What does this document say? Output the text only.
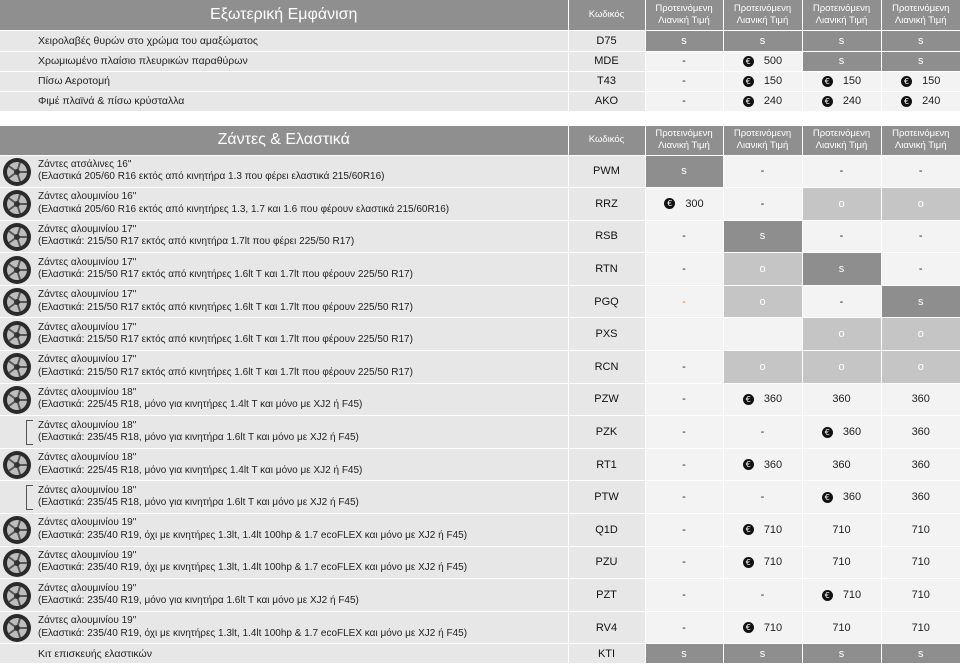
Εξωτερική Εμφάνιση	Κωδικός	Προτεινόμενη
Λιανική Τιμή	Προτεινόμενη
Λιανική Τιμή	Προτεινόμενη
Λιανική Τιμή	Προτεινόμενη
Λιανική Τιμή

Χειρολαβές θυρών στο χρώμα του αμαξώματος	D75	s	s	s	s
Χρωμιωμένο πλαίσιο πλευρικών παραθύρων	MDE	-	€ 500	s	s
Πίσω Αεροτομή	T43	-	€ 150	€ 150	€ 150
Φιμέ πλαϊνά & πίσω κρύσταλλα	AKO	-	€ 240	€ 240	€ 240
Ζάντες & Ελαστικά	Κωδικός	Προτεινόμενη
Λιανική Τιμή	Προτεινόμενη
Λιανική Τιμή	Προτεινόμενη
Λιανική Τιμή	Προτεινόμενη
Λιανική Τιμή

Ζάντες ατσάλινες 16"
(Ελαστικά 205/60 R16 εκτός από κινητήρα 1.3 που φέρει ελαστικά 215/60R16)	PWM	s	-	-	-

Ζάντες αλουμινίου 16"
(Ελαστικά 205/60 R16 εκτός από κινητήρες 1.3, 1.7 και 1.6 που φέρουν ελαστικά 215/60R16)	RRZ	€ 300	-	o	o

Ζάντες αλουμινίου 17"
(Ελαστικά: 215/50 R17 εκτός από κινητήρα 1.7lt που φέρει 225/50 R17)	RSB	-	s	-	-

Ζάντες αλουμινίου 17"
(Ελαστικά: 215/50 R17 εκτός από κινητήρες 1.6lt T και 1.7lt που φέρουν 225/50 R17)	RTN	-	o	s	-

Ζάντες αλουμινίου 17"
(Ελαστικά: 215/50 R17 εκτός από κινητήρες 1.6lt T και 1.7lt που φέρουν 225/50 R17)	PGQ	-	o	-	s

Ζάντες αλουμινίου 17"
(Ελαστικά: 215/50 R17 εκτός από κινητήρες 1.6lt T και 1.7lt που φέρουν 225/50 R17)	PXS			o	o

Ζάντες αλουμινίου 17"
(Ελαστικά: 215/50 R17 εκτός από κινητήρες 1.6lt T και 1.7lt που φέρουν 225/50 R17)	RCN	-	o	o	o

Ζάντες αλουμινίου 18"
(Ελαστικά: 225/45 R18, μόνο για κινητήρες 1.4lt T και μόνο με XJ2 ή F45)	PZW	-	€ 360	360	360

Ζάντες αλουμινίου 18"
(Ελαστικά: 235/45 R18, μόνο για κινητήρα 1.6lt T και μόνο με XJ2 ή F45)	PZK	-	-	€ 360	360

Ζάντες αλουμινίου 18"
(Ελαστικά: 225/45 R18, μόνο για κινητήρες 1.4lt T και μόνο με XJ2 ή F45)	RT1	-	€ 360	360	360

Ζάντες αλουμινίου 18"
(Ελαστικά: 235/45 R18, μόνο για κινητήρα 1.6lt T και μόνο με XJ2 ή F45)	PTW	-	-	€ 360	360

Ζάντες αλουμινίου 19"
(Ελαστικά: 235/40 R19, όχι με κινητήρες 1.3lt, 1.4lt 100hp & 1.7 ecoFLEX και μόνο με XJ2 ή F45)	Q1D	-	€ 710	710	710

Ζάντες αλουμινίου 19"
(Ελαστικά: 235/40 R19, όχι με κινητήρες 1.3lt, 1.4lt 100hp & 1.7 ecoFLEX και μόνο με XJ2 ή F45)	PZU	-	€ 710	710	710

Ζάντες αλουμινίου 19"
(Ελαστικά: 235/40 R19, μόνο για κινητήρα 1.6lt T και μόνο με XJ2 ή F45)	PZT	-	-	€ 710	710

Ζάντες αλουμινίου 19"
(Ελαστικά: 235/40 R19, όχι με κινητήρες 1.3lt, 1.4lt 100hp & 1.7 ecoFLEX και μόνο με XJ2 ή F45)	RV4	-	€ 710	710	710
Κιτ επισκευής ελαστικών	KTI	s	s	s	s
